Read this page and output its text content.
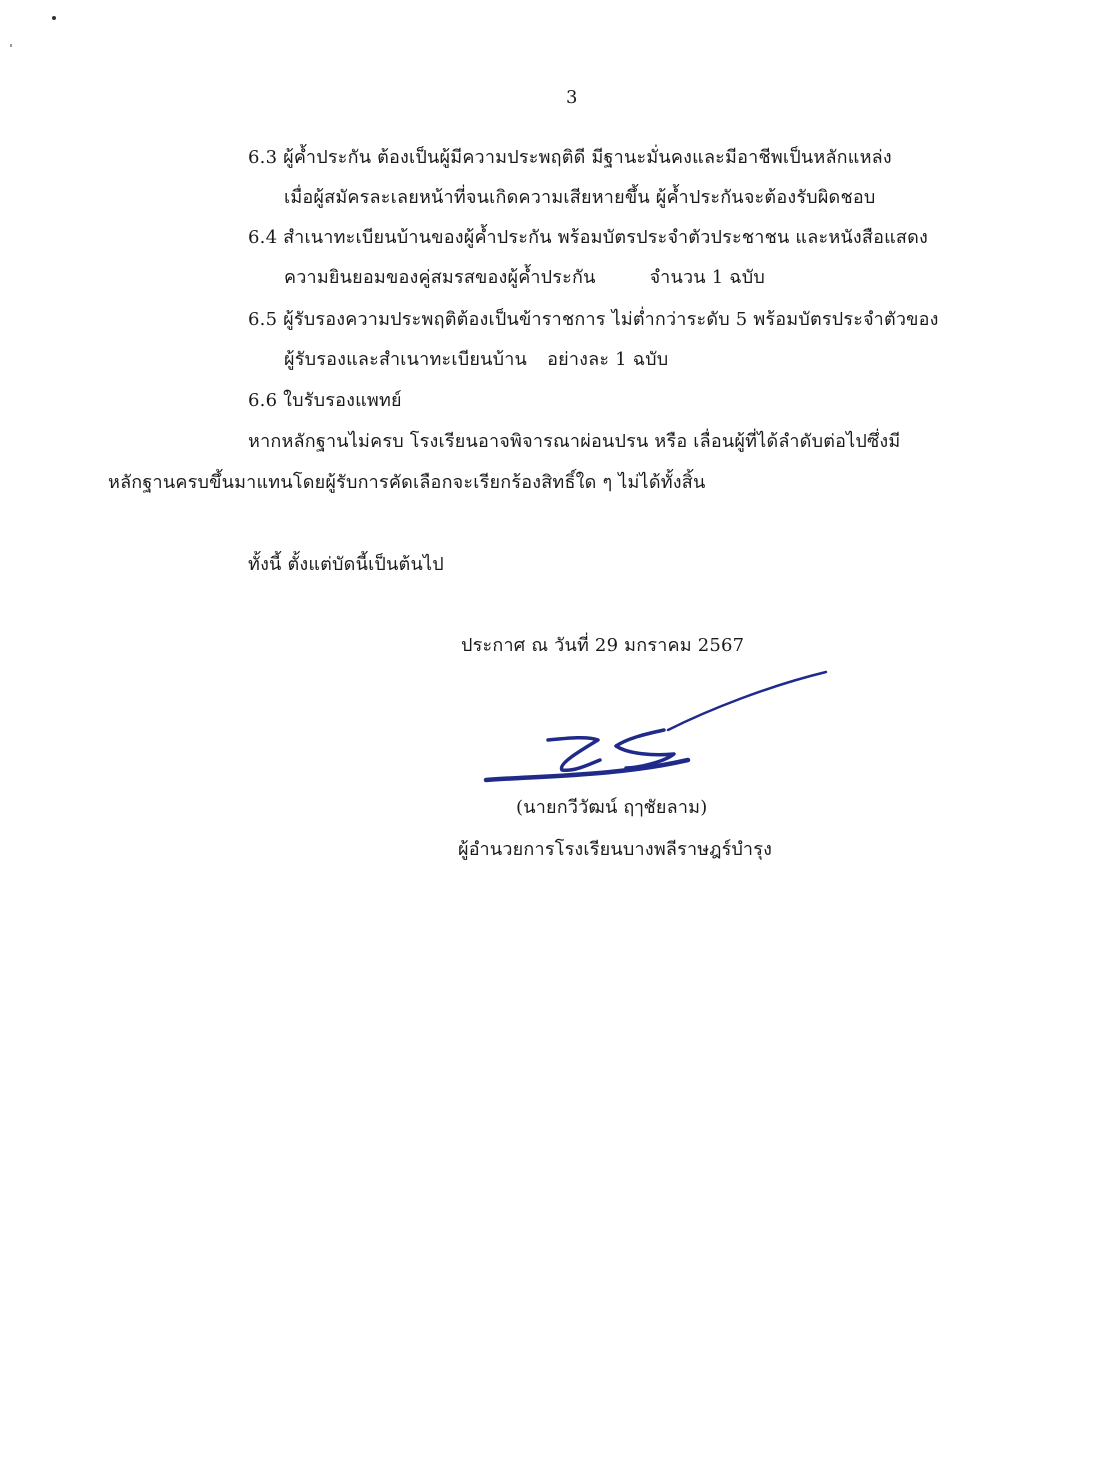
3
6.3 ผู้ค้ำประกัน ต้องเป็นผู้มีความประพฤติดี มีฐานะมั่นคงและมีอาชีพเป็นหลักแหล่ง
เมื่อผู้สมัครละเลยหน้าที่จนเกิดความเสียหายขึ้น ผู้ค้ำประกันจะต้องรับผิดชอบ
6.4 สำเนาทะเบียนบ้านของผู้ค้ำประกัน พร้อมบัตรประจำตัวประชาชน และหนังสือแสดง
ความยินยอมของคู่สมรสของผู้ค้ำประกัน	จำนวน 1 ฉบับ
6.5 ผู้รับรองความประพฤติต้องเป็นข้าราชการ ไม่ต่ำกว่าระดับ 5 พร้อมบัตรประจำตัวของ
ผู้รับรองและสำเนาทะเบียนบ้าน อย่างละ 1 ฉบับ
6.6 ใบรับรองแพทย์
หากหลักฐานไม่ครบ โรงเรียนอาจพิจารณาผ่อนปรน หรือ เลื่อนผู้ที่ได้ลำดับต่อไปซึ่งมี
หลักฐานครบขึ้นมาแทนโดยผู้รับการคัดเลือกจะเรียกร้องสิทธิ์ใด ๆ ไม่ได้ทั้งสิ้น
ทั้งนี้ ตั้งแต่บัดนี้เป็นต้นไป
ประกาศ ณ วันที่ 29 มกราคม 2567
(นายกวีวัฒน์ ฤๅชัยลาม)
ผู้อำนวยการโรงเรียนบางพลีราษฎร์บำรุง
